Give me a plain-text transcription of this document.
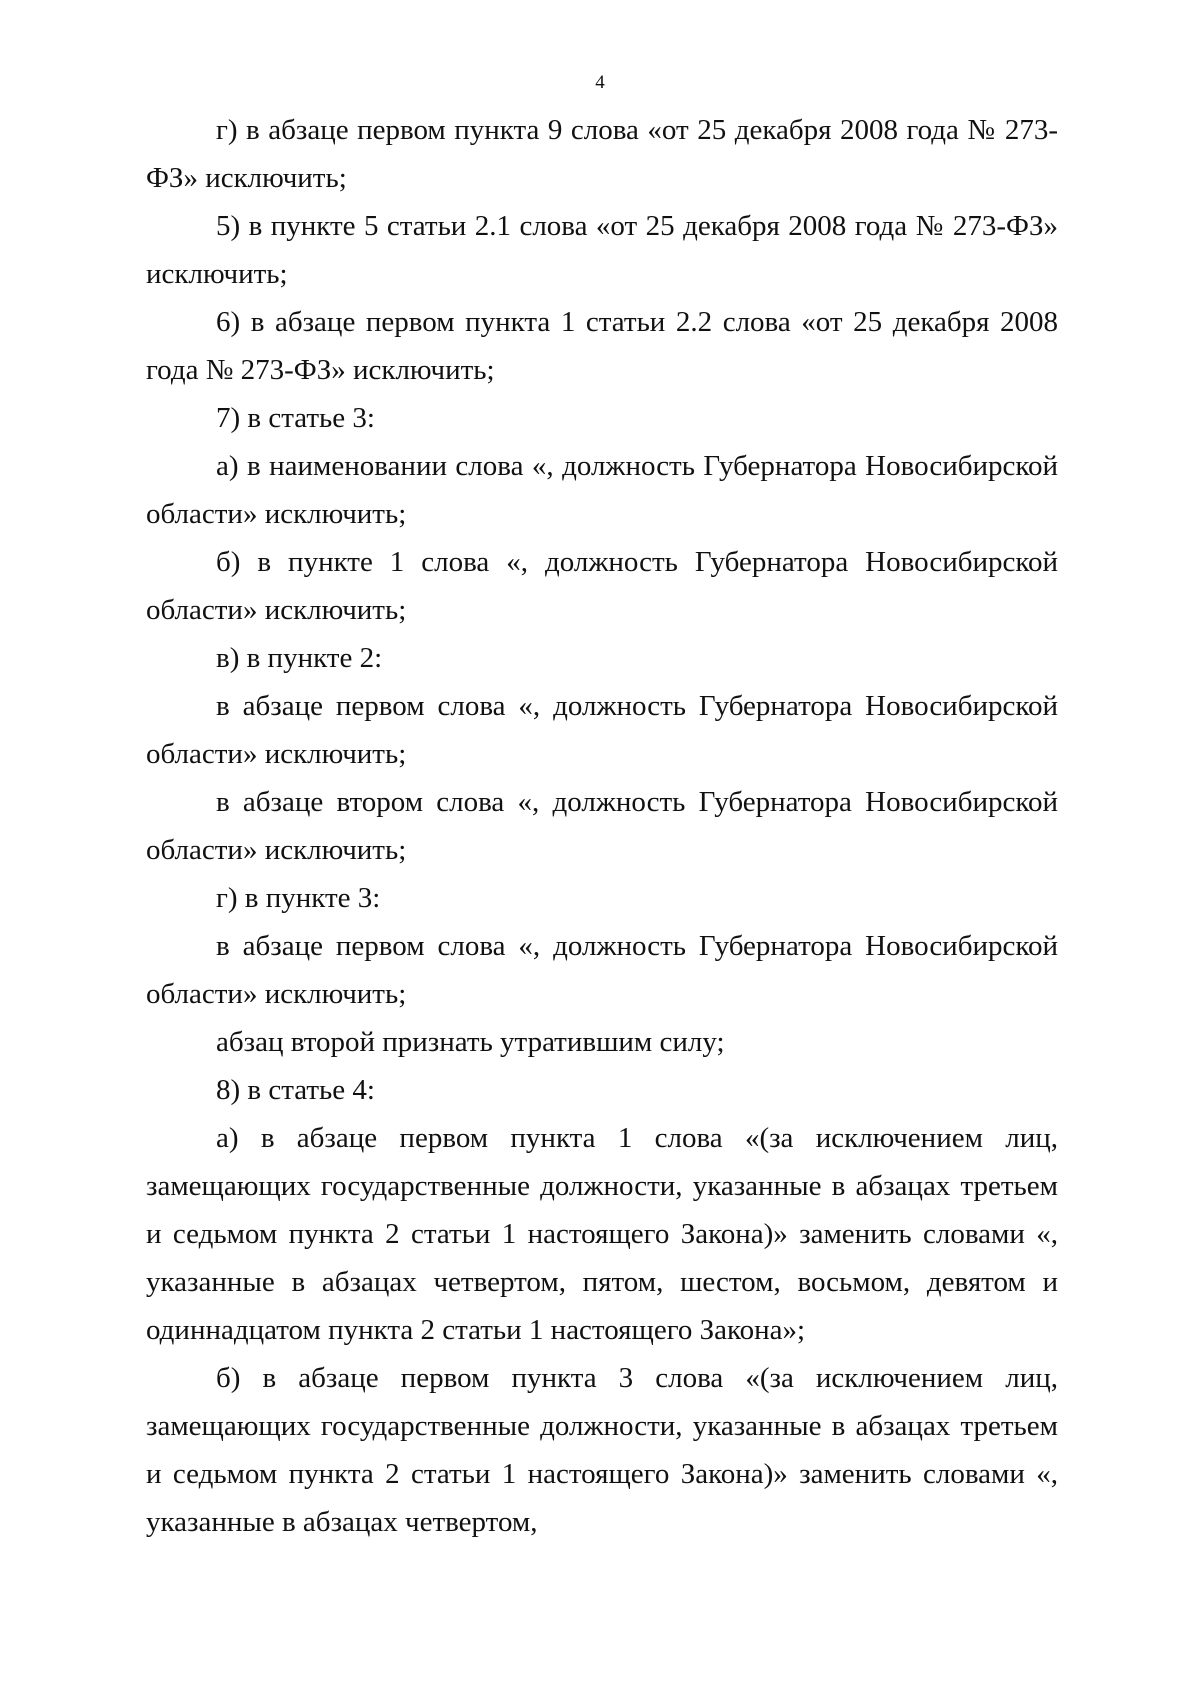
4

г) в абзаце первом пункта 9 слова «от 25 декабря 2008 года № 273-ФЗ» исключить;

5) в пункте 5 статьи 2.1 слова «от 25 декабря 2008 года № 273-ФЗ» исключить;

6) в абзаце первом пункта 1 статьи 2.2 слова «от 25 декабря 2008 года № 273-ФЗ» исключить;

7) в статье 3:

а) в наименовании слова «, должность Губернатора Новосибирской области» исключить;

б) в пункте 1 слова «, должность Губернатора Новосибирской области» исключить;

в) в пункте 2:

в абзаце первом слова «, должность Губернатора Новосибирской области» исключить;

в абзаце втором слова «, должность Губернатора Новосибирской области» исключить;

г) в пункте 3:

в абзаце первом слова «, должность Губернатора Новосибирской области» исключить;

абзац второй признать утратившим силу;

8) в статье 4:

а) в абзаце первом пункта 1 слова «(за исключением лиц, замещающих государственные должности, указанные в абзацах третьем и седьмом пункта 2 статьи 1 настоящего Закона)» заменить словами «, указанные в абзацах четвертом, пятом, шестом, восьмом, девятом и одиннадцатом пункта 2 статьи 1 настоящего Закона»;

б) в абзаце первом пункта 3 слова «(за исключением лиц, замещающих государственные должности, указанные в абзацах третьем и седьмом пункта 2 статьи 1 настоящего Закона)» заменить словами «, указанные в абзацах четвертом,
